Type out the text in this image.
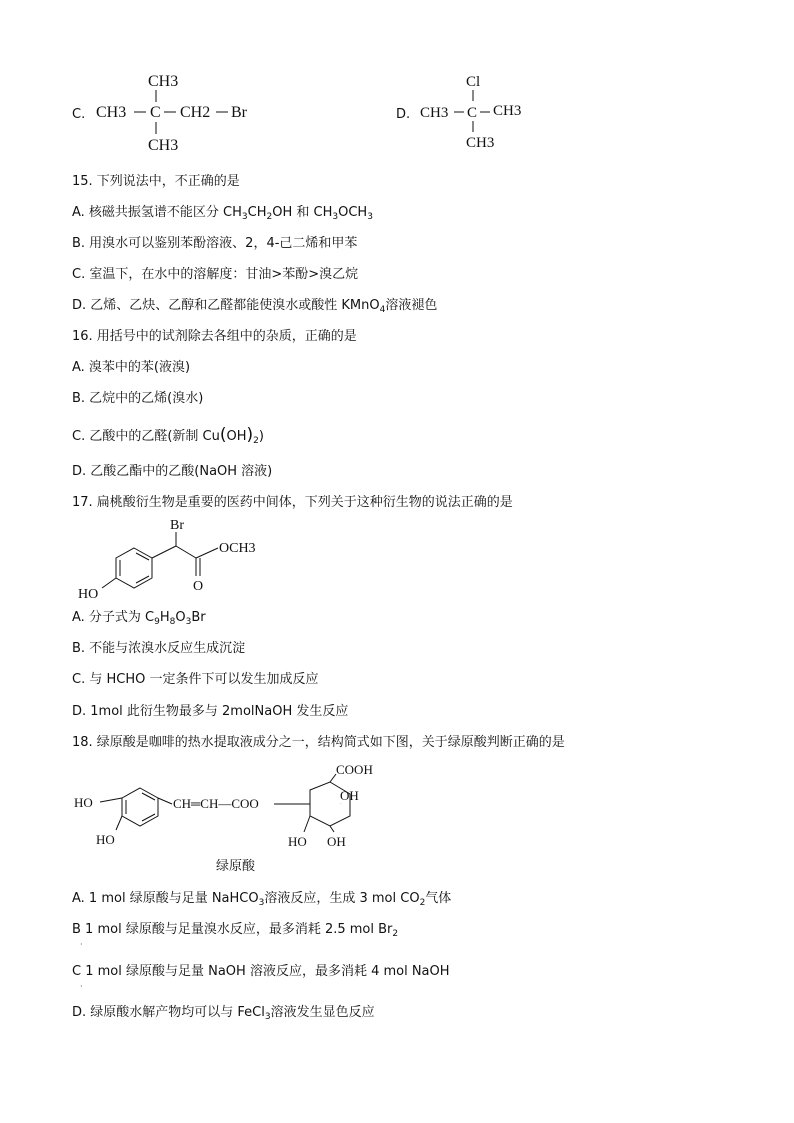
C.
CH3
CH3 C CH2 Br
CH3
D.
Cl
CH3 C CH3
CH3
15. 下列说法中，不正确的是
A. 核磁共振氢谱不能区分 $CH_3CH_2OH$ 和 $CH_3OCH_3$
B. 用溴水可以鉴别苯酚溶液、2，4-己二烯和甲苯
C. 室温下，在水中的溶解度：甘油>苯酚>溴乙烷
D. 乙烯、乙炔、乙醇和乙醛都能使溴水或酸性 KMnO$_4$溶液褪色
16. 用括号中的试剂除去各组中的杂质，正确的是
A. 溴苯中的苯(液溴)
B. 乙烷中的乙烯(溴水)
C. 乙酸中的乙醛(新制 $Cu(OH)_2$)
D. 乙酸乙酯中的乙酸(NaOH 溶液)
17. 扁桃酸衍生物是重要的医药中间体，下列关于这种衍生物的说法正确的是
Br
O
OCH3
HO
A. 分子式为 $C_9H_8O_3Br$
B. 不能与浓溴水反应生成沉淀
C. 与 HCHO 一定条件下可以发生加成反应
D. 1mol 此衍生物最多与 2molNaOH 发生反应
18. 绿原酸是咖啡的热水提取液成分之一，结构简式如下图，关于绿原酸判断正确的是
HO
HO
CH═CH—COO
COOH
OH
HO OH
OH
绿原酸
A. 1 mol 绿原酸与足量 NaHCO$_3$溶液反应，生成 3 mol $CO_2$气体
B 1 mol 绿原酸与足量溴水反应，最多消耗 2.5 mol $Br_2$
·
C 1 mol 绿原酸与足量 NaOH 溶液反应，最多消耗 4 mol NaOH
·
D. 绿原酸水解产物均可以与 FeCl$_3$溶液发生显色反应
